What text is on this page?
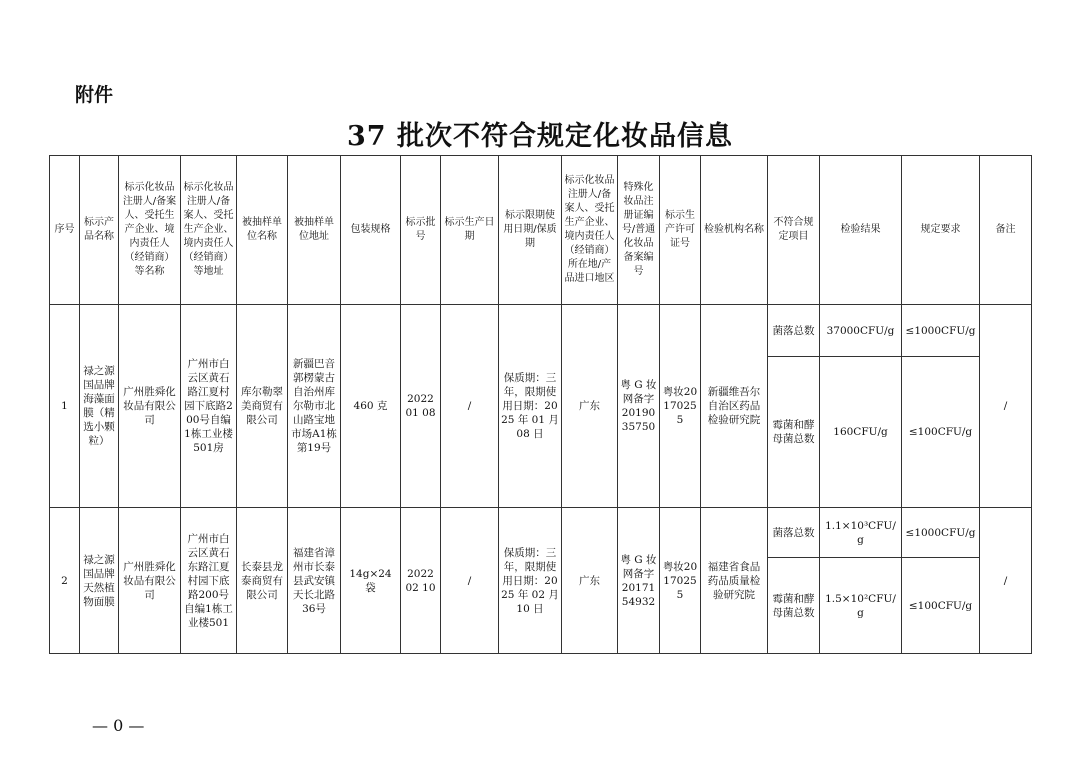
附件
37 批次不符合规定化妆品信息
序号	标示产品名称	标示化妆品注册人/备案人、受托生产企业、境内责任人（经销商）等名称	标示化妆品注册人/备案人、受托生产企业、境内责任人（经销商）等地址	被抽样单位名称	被抽样单位地址	包装规格	标示批号	标示生产日期	标示限期使用日期/保质期	标示化妆品注册人/备案人、受托生产企业、境内责任人（经销商）所在地/产品进口地区	特殊化妆品注册证编号/普通化妆品备案编号	标示生产许可证号	检验机构名称	不符合规定项目	检验结果	规定要求	备注
1	禄之源国品牌海藻面膜（精选小颗粒）	广州胜舜化妆品有限公司	广州市白云区黄石路江夏村园下底路200号自编1栋工业楼501房	库尔勒翠美商贸有限公司	新疆巴音郭楞蒙古自治州库尔勒市北山路宝地市场A1栋第19号	460 克	2022 01 08	/	保质期：三年，限期使用日期：2025 年 01 月 08 日	广东	粤 G 妆网备字2019035750	粤妆20170255	新疆维吾尔自治区药品检验研究院	菌落总数	37000CFU/g	≤1000CFU/g	/
														霉菌和酵母菌总数	160CFU/g	≤100CFU/g	
2	禄之源国品牌天然植物面膜	广州胜舜化妆品有限公司	广州市白云区黄石东路江夏村园下底路200号自编1栋工业楼501	长泰县龙泰商贸有限公司	福建省漳州市长泰县武安镇天长北路36号	14g×24 袋	2022 02 10	/	保质期：三年，限期使用日期：2025 年 02 月 10 日	广东	粤 G 妆网备字2017154932	粤妆20170255	福建省食品药品质量检验研究院	菌落总数	1.1×10³CFU/g	≤1000CFU/g	/
														霉菌和酵母菌总数	1.5×10²CFU/g	≤100CFU/g	
— 0 —
